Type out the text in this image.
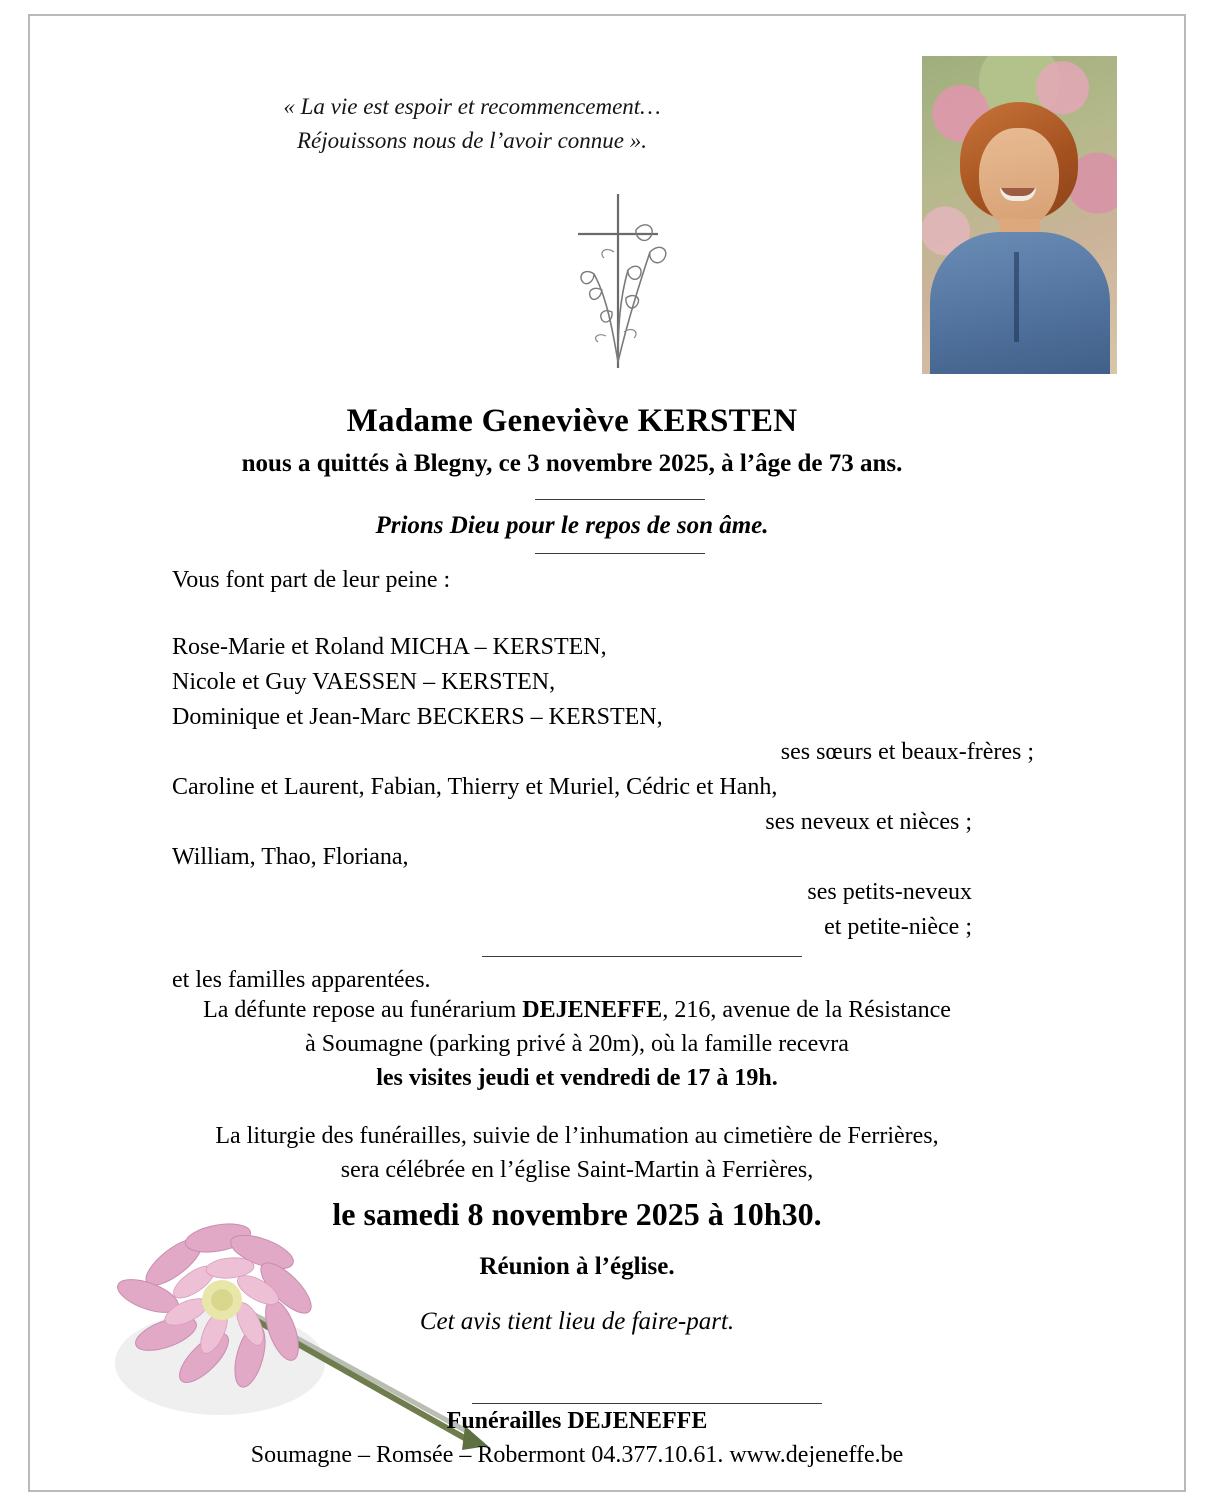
« La vie est espoir et recommencement…
Réjouissons nous de l’avoir connue ».
Madame Geneviève KERSTEN
nous a quittés à Blegny, ce 3 novembre 2025, à l’âge de 73 ans.
Prions Dieu pour le repos de son âme.

Vous font part de leur peine :

Rose-Marie et Roland MICHA – KERSTEN,

Nicole et Guy VAESSEN – KERSTEN,

Dominique et Jean-Marc BECKERS – KERSTEN,

ses sœurs et beaux-frères ;

Caroline et Laurent, Fabian, Thierry et Muriel, Cédric et Hanh,

ses neveux et nièces ;

William, Thao, Floriana,

ses petits-neveux

et petite-nièce ;

et les familles apparentées.

La défunte repose au funérarium DEJENEFFE, 216, avenue de la Résistance
à Soumagne (parking privé à 20m), où la famille recevra
les visites jeudi et vendredi de 17 à 19h.
La liturgie des funérailles, suivie de l’inhumation au cimetière de Ferrières,
sera célébrée en l’église Saint-Martin à Ferrières,
le samedi 8 novembre 2025 à 10h30.
Réunion à l’église.
Cet avis tient lieu de faire-part.
Funérailles DEJENEFFE
Soumagne – Romsée – Robermont 04.377.10.61. www.dejeneffe.be
